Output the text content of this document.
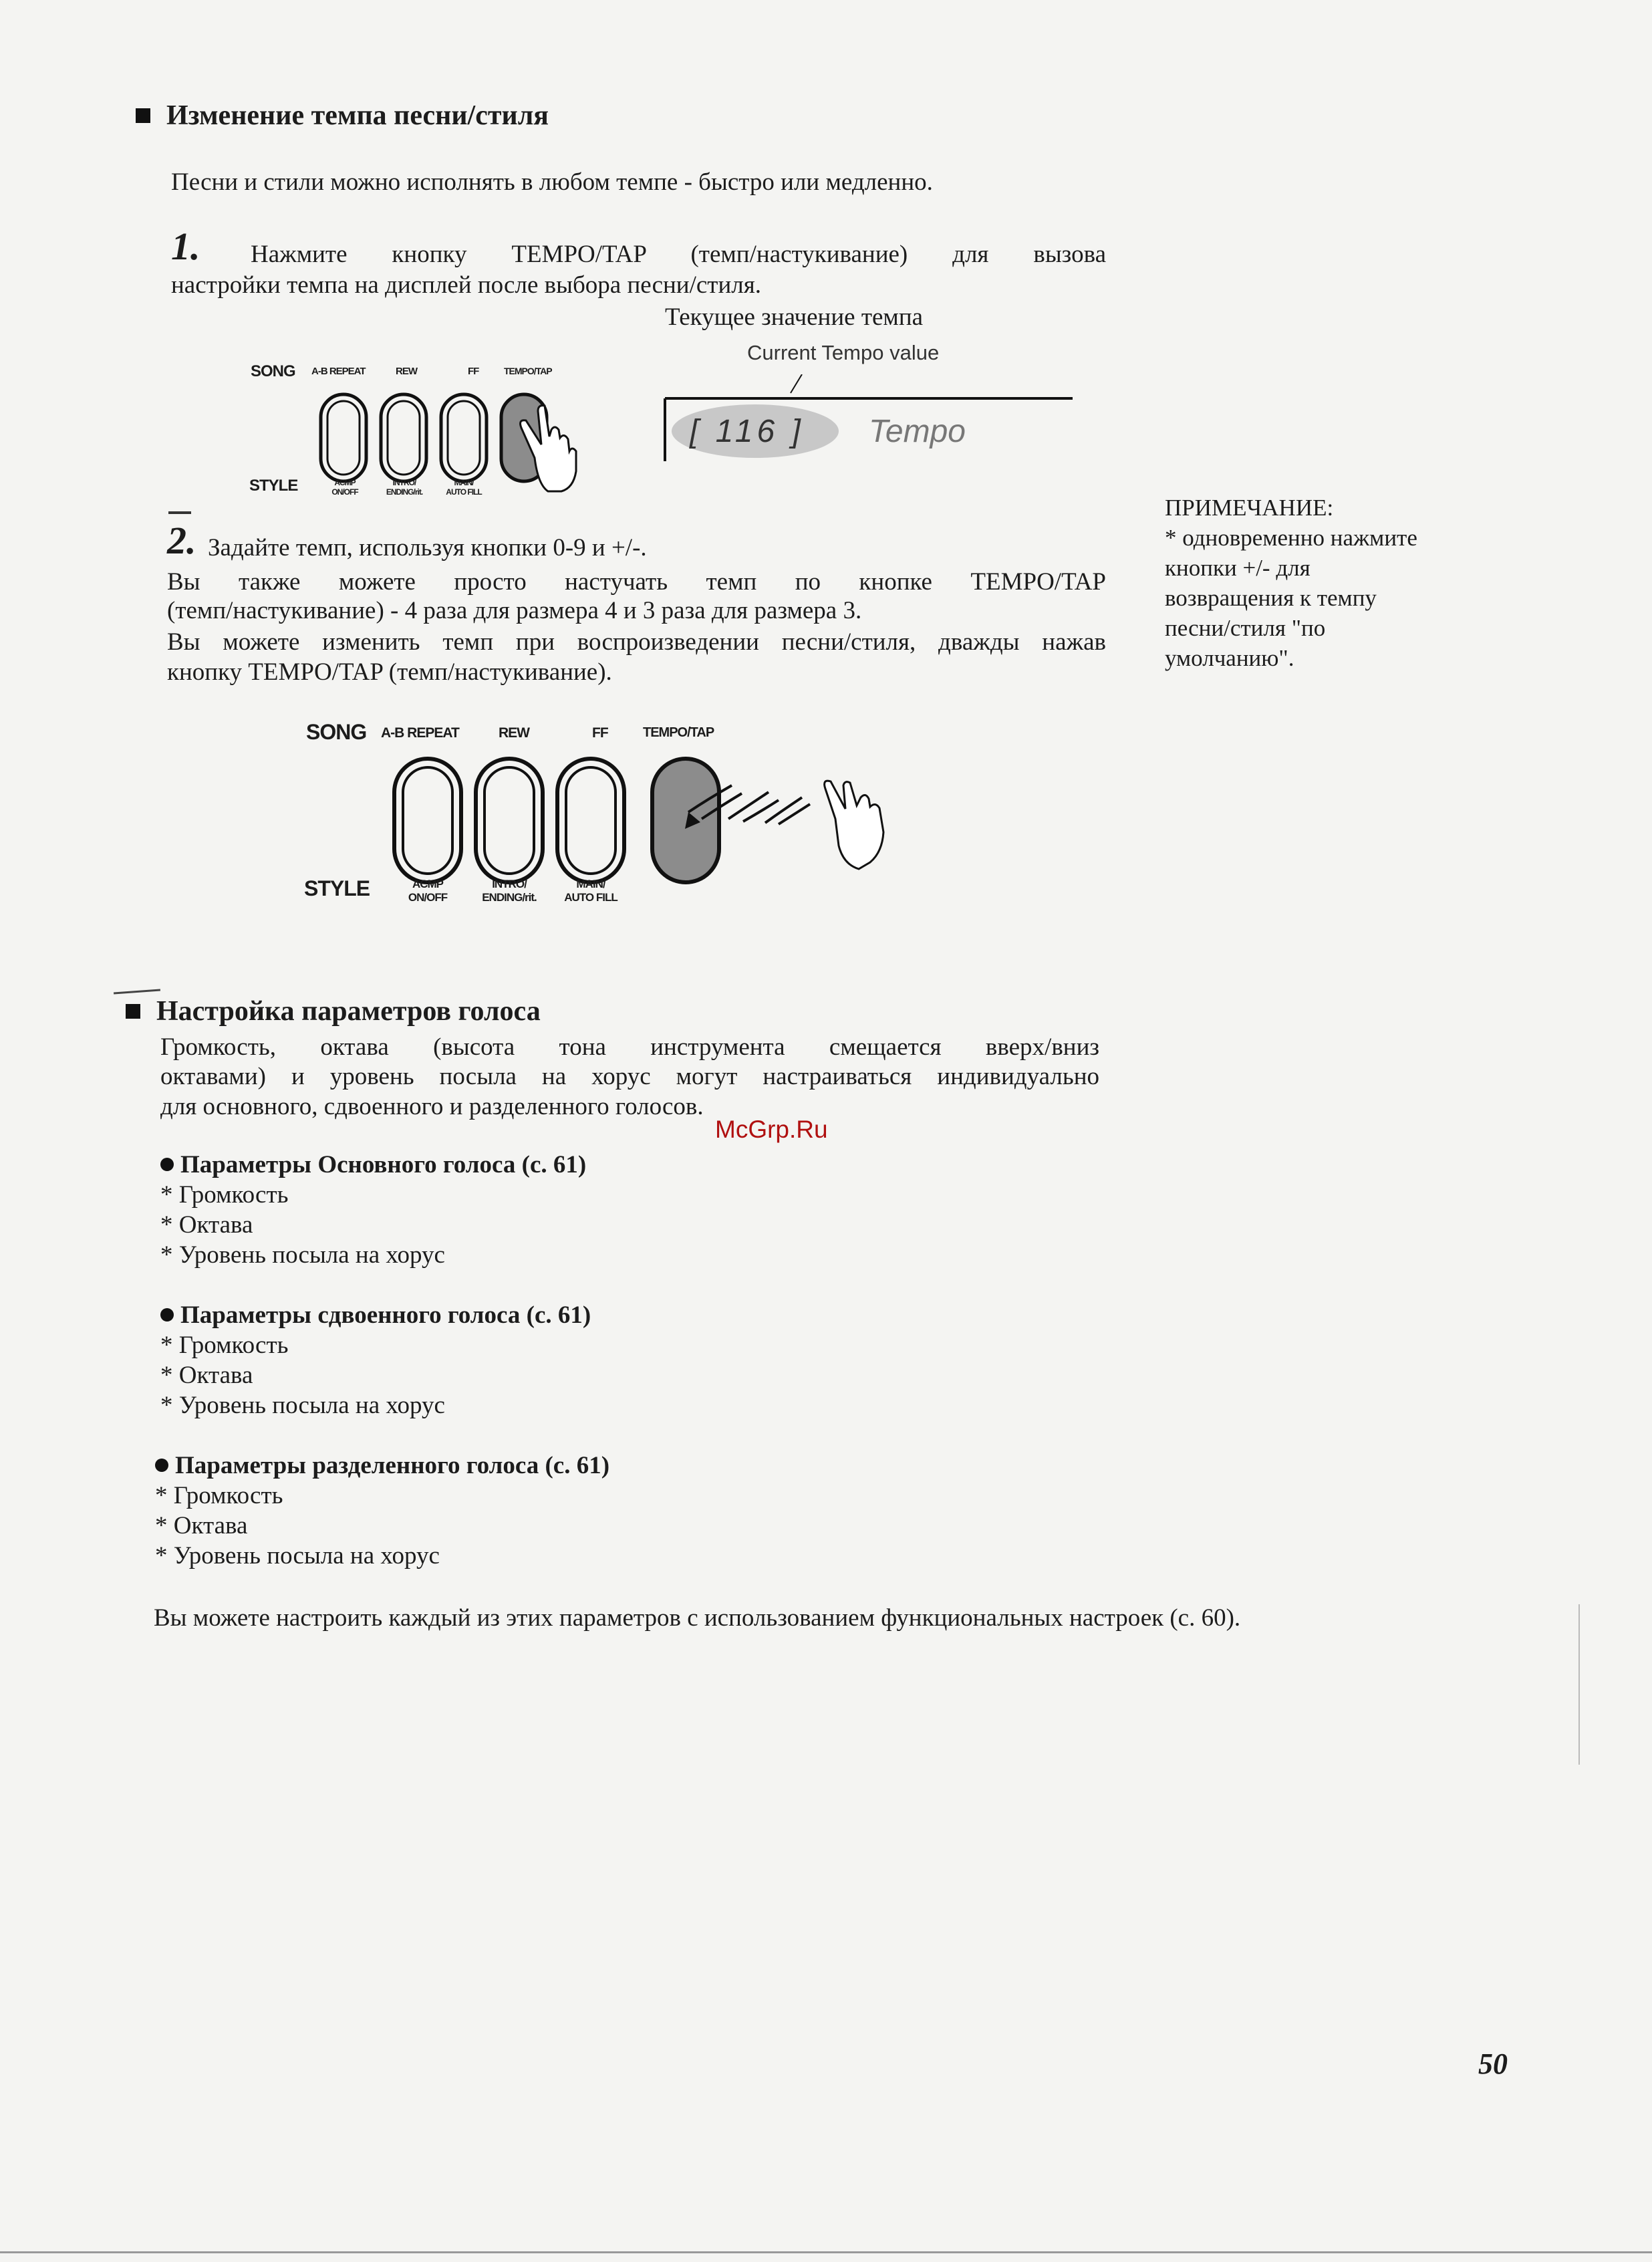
Изменение темпа песни/стиля
Песни и стили можно исполнять в любом темпе - быстро или медленно.
1. Нажмите кнопку TEMPO/TAP (темп/настукивание) для вызова
настройки темпа на дисплей после выбора песни/стиля.
Текущее значение темпа
Current Tempo value
SONG A-B REPEAT	REW	FF	TEMPO/TAP
STYLE	ACMP
ON/OFF
INTRO/
ENDING/rit.
MAIN/
AUTO FILL
[ 116 ] Tempo
2. Задайте темп, используя кнопки 0-9 и +/-.
Вы также можете просто настучать темп по кнопке TEMPO/TAP
(темп/настукивание) - 4 раза для размера 4 и 3 раза для размера 3.
Вы можете изменить темп при воспроизведении песни/стиля, дважды нажав
кнопку TEMPO/TAP (темп/настукивание).
SONG A-B REPEAT	REW	FF	TEMPO/TAP
STYLE	ACMP
ON/OFF
INTRO/
ENDING/rit.
MAIN/
AUTO FILL
ПРИМЕЧАНИЕ:
* одновременно нажмите
кнопки +/- для
возвращения к темпу
песни/стиля "по
умолчанию".
Настройка параметров голоса
Громкость, октава (высота тона инструмента смещается вверх/вниз
октавами) и уровень посыла на хорус могут настраиваться индивидуально
для основного, сдвоенного и разделенного голосов.
McGrp.Ru
Параметры Основного голоса (с. 61)
* Громкость
* Октава
* Уровень посыла на хорус
Параметры сдвоенного голоса (с. 61)
* Громкость
* Октава
* Уровень посыла на хорус
Параметры разделенного голоса (с. 61)
* Громкость
* Октава
* Уровень посыла на хорус
Вы можете настроить каждый из этих параметров с использованием функциональных настроек (с. 60).
50
